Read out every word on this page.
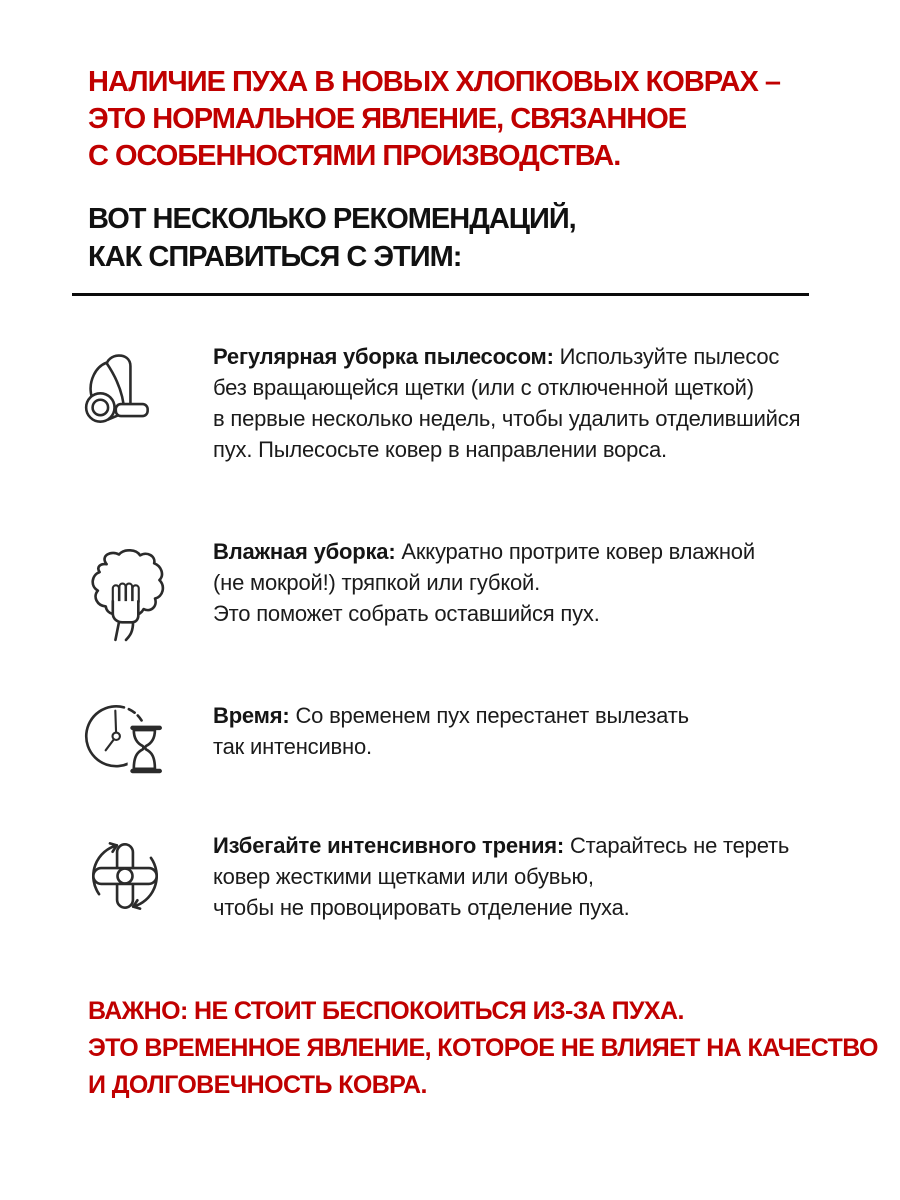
НАЛИЧИЕ ПУХА В НОВЫХ ХЛОПКОВЫХ КОВРАХ –
ЭТО НОРМАЛЬНОЕ ЯВЛЕНИЕ, СВЯЗАННОЕ
С ОСОБЕННОСТЯМИ ПРОИЗВОДСТВА.
ВОТ НЕСКОЛЬКО РЕКОМЕНДАЦИЙ,
КАК СПРАВИТЬСЯ С ЭТИМ:
Регулярная уборка пылесосом: Используйте пылесос
без вращающейся щетки (или с отключенной щеткой)
в первые несколько недель, чтобы удалить отделившийся
пух. Пылесосьте ковер в направлении ворса.
Влажная уборка: Аккуратно протрите ковер влажной
(не мокрой!) тряпкой или губкой.
Это поможет собрать оставшийся пух.
Время: Со временем пух перестанет вылезать
так интенсивно.
Избегайте интенсивного трения: Старайтесь не тереть
ковер жесткими щетками или обувью,
чтобы не провоцировать отделение пуха.
ВАЖНО: НЕ СТОИТ БЕСПОКОИТЬСЯ ИЗ-ЗА ПУХА.
ЭТО ВРЕМЕННОЕ ЯВЛЕНИЕ, КОТОРОЕ НЕ ВЛИЯЕТ НА КАЧЕСТВО
И ДОЛГОВЕЧНОСТЬ КОВРА.
